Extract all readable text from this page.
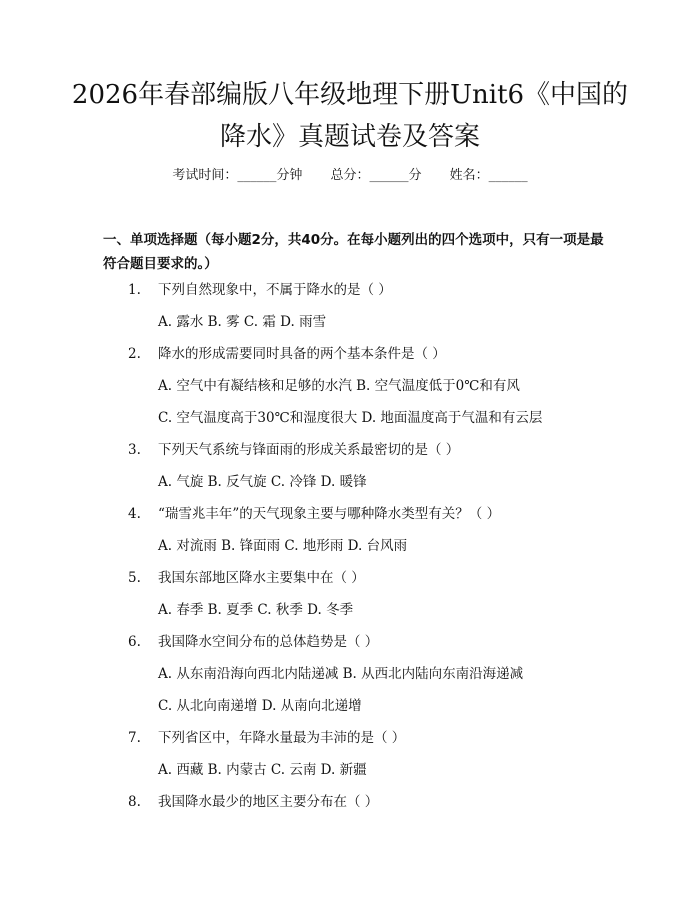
2026年春部编版八年级地理下册Unit6《中国的降水》真题试卷及答案
考试时间：______分钟 总分：______分 姓名：______
一、单项选择题（每小题2分，共40分。在每小题列出的四个选项中，只有一项是最符合题目要求的。）
1. 下列自然现象中，不属于降水的是（ ）
A. 露水 B. 雾 C. 霜 D. 雨雪
2. 降水的形成需要同时具备的两个基本条件是（ ）
A. 空气中有凝结核和足够的水汽 B. 空气温度低于0℃和有风
C. 空气温度高于30℃和湿度很大 D. 地面温度高于气温和有云层
3. 下列天气系统与锋面雨的形成关系最密切的是（ ）
A. 气旋 B. 反气旋 C. 冷锋 D. 暖锋
4. “瑞雪兆丰年”的天气现象主要与哪种降水类型有关？（ ）
A. 对流雨 B. 锋面雨 C. 地形雨 D. 台风雨
5. 我国东部地区降水主要集中在（ ）
A. 春季 B. 夏季 C. 秋季 D. 冬季
6. 我国降水空间分布的总体趋势是（ ）
A. 从东南沿海向西北内陆递减 B. 从西北内陆向东南沿海递减
C. 从北向南递增 D. 从南向北递增
7. 下列省区中，年降水量最为丰沛的是（ ）
A. 西藏 B. 内蒙古 C. 云南 D. 新疆
8. 我国降水最少的地区主要分布在（ ）
